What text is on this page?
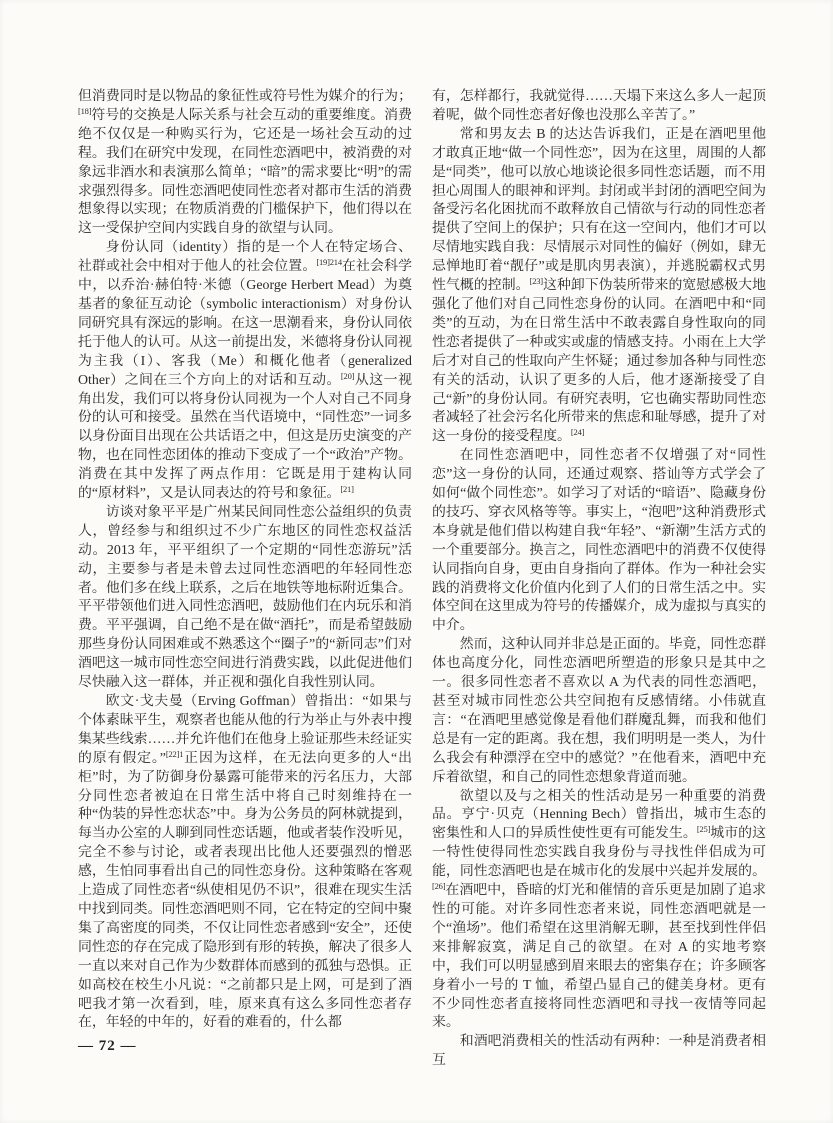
但消费同时是以物品的象征性或符号性为媒介的行为；[18]符号的交换是人际关系与社会互动的重要维度。消费绝不仅仅是一种购买行为，它还是一场社会互动的过程。我们在研究中发现，在同性恋酒吧中，被消费的对象远非酒水和表演那么简单；“暗”的需求要比“明”的需求强烈得多。同性恋酒吧使同性恋者对都市生活的消费想象得以实现；在物质消费的门槛保护下，他们得以在这一受保护空间内实践自身的欲望与认同。

身份认同（identity）指的是一个人在特定场合、社群或社会中相对于他人的社会位置。$^{[19]214}$在社会科学中，以乔治·赫伯特·米德（George Herbert Mead）为奠基者的象征互动论（symbolic interactionism）对身份认同研究具有深远的影响。在这一思潮看来，身份认同依托于他人的认可。从这一前提出发，米德将身份认同视为主我（I）、客我（Me）和概化他者（generalized Other）之间在三个方向上的对话和互动。[20]从这一视角出发，我们可以将身份认同视为一个人对自己不同身份的认可和接受。虽然在当代语境中，“同性恋”一词多以身份面目出现在公共话语之中，但这是历史演变的产物，也在同性恋团体的推动下变成了一个“政治”产物。消费在其中发挥了两点作用：它既是用于建构认同的“原材料”，又是认同表达的符号和象征。[21]

访谈对象平平是广州某民间同性恋公益组织的负责人，曾经参与和组织过不少广东地区的同性恋权益活动。2013 年，平平组织了一个定期的“同性恋游玩”活动，主要参与者是未曾去过同性恋酒吧的年轻同性恋者。他们多在线上联系，之后在地铁等地标附近集合。平平带领他们进入同性恋酒吧，鼓励他们在内玩乐和消费。平平强调，自己绝不是在做“酒托”，而是希望鼓励那些身份认同困难或不熟悉这个“圈子”的“新同志”们对酒吧这一城市同性恋空间进行消费实践，以此促进他们尽快融入这一群体，并正视和强化自我性别认同。

欧文·戈夫曼（Erving Goffman）曾指出：“如果与个体素昧平生，观察者也能从他的行为举止与外表中搜集某些线索……并允许他们在他身上验证那些未经证实的原有假定。”$^{[22]1}$正因为这样，在无法向更多的人“出柜”时，为了防御身份暴露可能带来的污名压力，大部分同性恋者被迫在日常生活中将自己时刻维持在一种“伪装的异性恋状态”中。身为公务员的阿林就提到，每当办公室的人聊到同性恋话题，他或者装作没听见，完全不参与讨论，或者表现出比他人还要强烈的憎恶感，生怕同事看出自己的同性恋身份。这种策略在客观上造成了同性恋者“纵使相见仍不识”，很难在现实生活中找到同类。同性恋酒吧则不同，它在特定的空间中聚集了高密度的同类，不仅让同性恋者感到“安全”，还使同性恋的存在完成了隐形到有形的转换，解决了很多人一直以来对自己作为少数群体而感到的孤独与恐惧。正如高校在校生小凡说：“之前都只是上网，可是到了酒吧我才第一次看到，哇，原来真有这么多同性恋者存在，年轻的中年的，好看的难看的，什么都

有，怎样都行，我就觉得……天塌下来这么多人一起顶着呢，做个同性恋者好像也没那么辛苦了。”

常和男友去 B 的达达告诉我们，正是在酒吧里他才敢真正地“做一个同性恋”，因为在这里，周围的人都是“同类”，他可以放心地谈论很多同性恋话题，而不用担心周围人的眼神和评判。封闭或半封闭的酒吧空间为备受污名化困扰而不敢释放自己情欲与行动的同性恋者提供了空间上的保护；只有在这一空间内，他们才可以尽情地实践自我：尽情展示对同性的偏好（例如，肆无忌惮地盯着“靓仔”或是肌肉男表演），并逃脱霸权式男性气概的控制。[23]这种卸下伪装所带来的宽慰感极大地强化了他们对自己同性恋身份的认同。在酒吧中和“同类”的互动，为在日常生活中不敢表露自身性取向的同性恋者提供了一种或实或虚的情感支持。小雨在上大学后才对自己的性取向产生怀疑；通过参加各种与同性恋有关的活动，认识了更多的人后，他才逐渐接受了自己“新”的身份认同。有研究表明，它也确实帮助同性恋者减轻了社会污名化所带来的焦虑和耻辱感，提升了对这一身份的接受程度。[24]

在同性恋酒吧中，同性恋者不仅增强了对“同性恋”这一身份的认同，还通过观察、搭讪等方式学会了如何“做个同性恋”。如学习了对话的“暗语”、隐藏身份的技巧、穿衣风格等等。事实上，“泡吧”这种消费形式本身就是他们借以构建自我“年轻”、“新潮”生活方式的一个重要部分。换言之，同性恋酒吧中的消费不仅使得认同指向自身，更由自身指向了群体。作为一种社会实践的消费将文化价值内化到了人们的日常生活之中。实体空间在这里成为符号的传播媒介，成为虚拟与真实的中介。

然而，这种认同并非总是正面的。毕竟，同性恋群体也高度分化，同性恋酒吧所塑造的形象只是其中之一。很多同性恋者不喜欢以 A 为代表的同性恋酒吧，甚至对城市同性恋公共空间抱有反感情绪。小伟就直言：“在酒吧里感觉像是看他们群魔乱舞，而我和他们总是有一定的距离。我在想，我们明明是一类人，为什么我会有种漂浮在空中的感觉？”在他看来，酒吧中充斥着欲望，和自己的同性恋想象背道而驰。

欲望以及与之相关的性活动是另一种重要的消费品。亨宁·贝克（Henning Bech）曾指出，城市生态的密集性和人口的异质性使性更有可能发生。[25]城市的这一特性使得同性恋实践自我身份与寻找性伴侣成为可能，同性恋酒吧也是在城市化的发展中兴起并发展的。[26]在酒吧中，昏暗的灯光和催情的音乐更是加剧了追求性的可能。对许多同性恋者来说，同性恋酒吧就是一个“渔场”。他们希望在这里消解无聊，甚至找到性伴侣来排解寂寞，满足自己的欲望。在对 A 的实地考察中，我们可以明显感到眉来眼去的密集存在；许多顾客身着小一号的 T 恤，希望凸显自己的健美身材。更有不少同性恋者直接将同性恋酒吧和寻找一夜情等同起来。

和酒吧消费相关的性活动有两种：一种是消费者相互

— 72 —
